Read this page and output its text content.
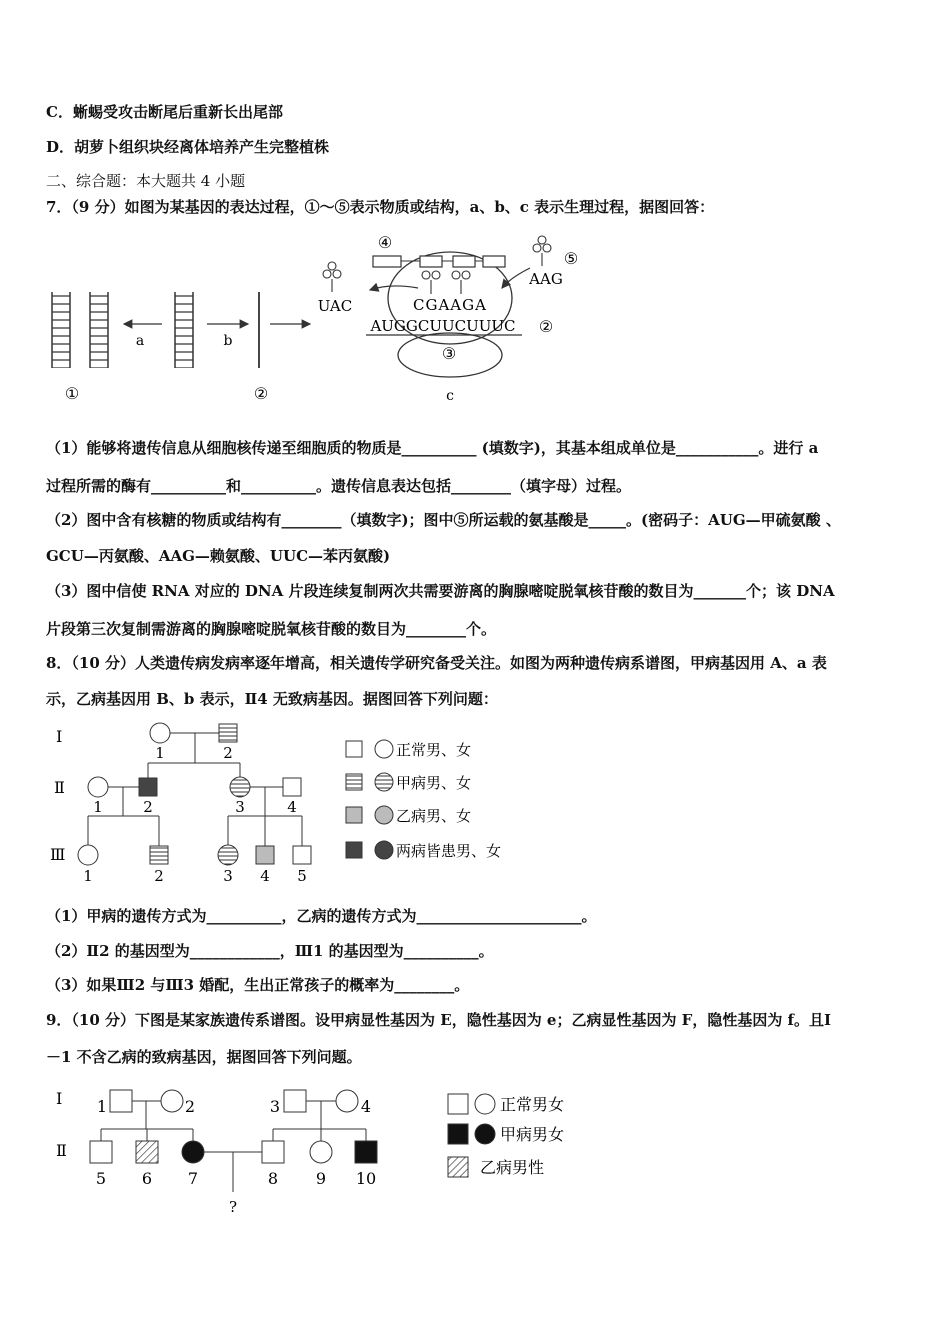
C．蜥蜴受攻击断尾后重新长出尾部
D．胡萝卜组织块经离体培养产生完整植株
二、综合题：本大题共 4 小题
7．（9 分）如图为某基因的表达过程，①～⑤表示物质或结构，a、b、c 表示生理过程，据图回答：
①
a	b
②
④
CGAAGA
AUGGCUUCUUUC ②
③
UAC
⑤
AAG
c
（1）能够将遗传信息从细胞核传递至细胞质的物质是__________ (填数字)，其基本组成单位是___________。进行 a
过程所需的酶有__________和__________。遗传信息表达包括________（填字母）过程。
（2）图中含有核糖的物质或结构有________（填数字)；图中⑤所运载的氨基酸是_____。(密码子：AUG—甲硫氨酸 、
GCU—丙氨酸、AAG—赖氨酸、UUC—苯丙氨酸)
（3）图中信使 RNA 对应的 DNA 片段连续复制两次共需要游离的胸腺嘧啶脱氧核苷酸的数目为_______个；该 DNA
片段第三次复制需游离的胸腺嘧啶脱氧核苷酸的数目为________个。
8．（10 分）人类遗传病发病率逐年增高，相关遗传学研究备受关注。如图为两种遗传病系谱图，甲病基因用 A、a 表
示，乙病基因用 B、b 表示，Ⅱ4 无致病基因。据图回答下列问题：
Ⅰ
Ⅱ
Ⅲ
1	2
1	2	3	4
1	2	3 4 5
正常男、女
甲病男、女
乙病男、女
两病皆患男、女
（1）甲病的遗传方式为__________，乙病的遗传方式为______________________。
（2）Ⅱ2 的基因型为____________，Ⅲ1 的基因型为__________。
（3）如果Ⅲ2 与Ⅲ3 婚配，生出正常孩子的概率为________。
9．（10 分）下图是某家族遗传系谱图。设甲病显性基因为 E，隐性基因为 e；乙病显性基因为 F，隐性基因为 f。且Ⅰ
－1 不含乙病的致病基因，据图回答下列问题。
Ⅰ
Ⅱ
1	2	3	4
5 6 7	8 9 10
?
正常男女
甲病男女
乙病男性
